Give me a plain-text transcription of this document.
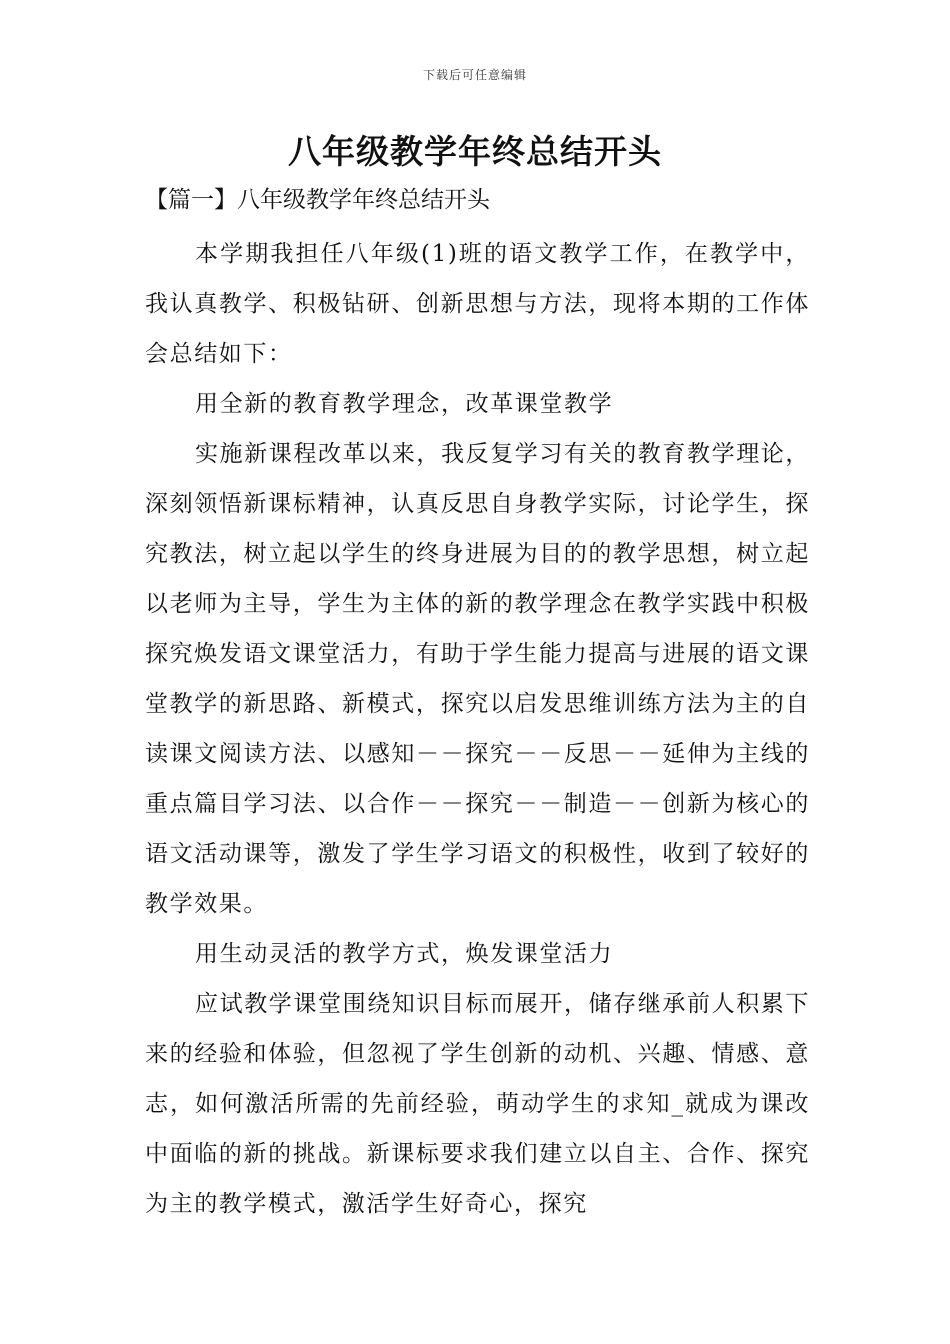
下载后可任意编辑
八年级教学年终总结开头
【篇一】八年级教学年终总结开头

本学期我担任八年级(1)班的语文教学工作，在教学中，我认真教学、积极钻研、创新思想与方法，现将本期的工作体会总结如下：

用全新的教育教学理念，改革课堂教学

实施新课程改革以来，我反复学习有关的教育教学理论，深刻领悟新课标精神，认真反思自身教学实际，讨论学生，探究教法，树立起以学生的终身进展为目的的教学思想，树立起以老师为主导，学生为主体的新的教学理念在教学实践中积极探究焕发语文课堂活力，有助于学生能力提高与进展的语文课堂教学的新思路、新模式，探究以启发思维训练方法为主的自读课文阅读方法、以感知－－探究－－反思－－延伸为主线的重点篇目学习法、以合作－－探究－－制造－－创新为核心的语文活动课等，激发了学生学习语文的积极性，收到了较好的教学效果。

用生动灵活的教学方式，焕发课堂活力

应试教学课堂围绕知识目标而展开，储存继承前人积累下来的经验和体验，但忽视了学生创新的动机、兴趣、情感、意志，如何激活所需的先前经验，萌动学生的求知_就成为课改中面临的新的挑战。新课标要求我们建立以自主、合作、探究为主的教学模式，激活学生好奇心，探究
